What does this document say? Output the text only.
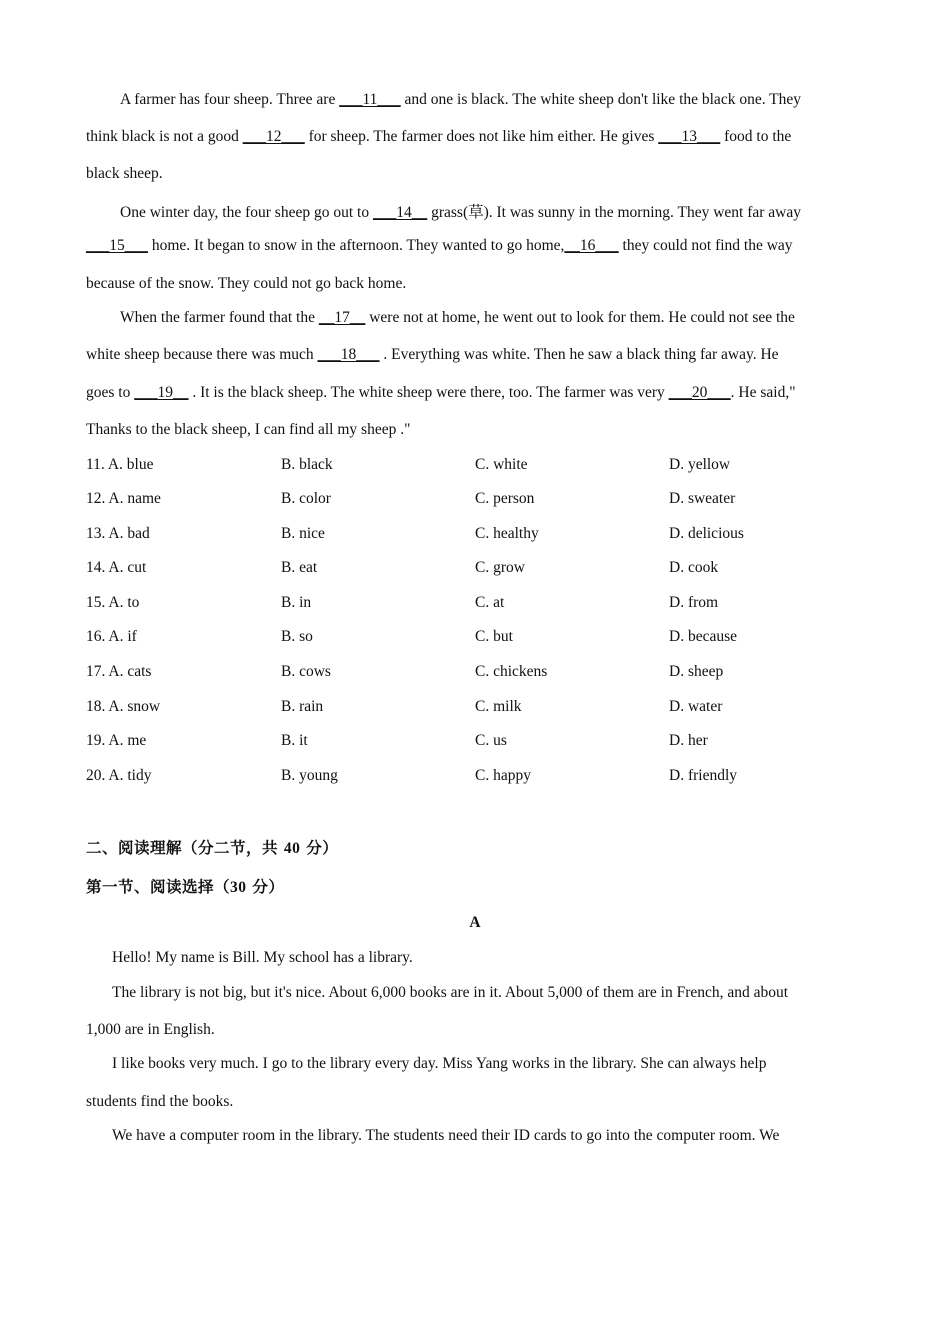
A farmer has four sheep. Three are ___11___ and one is black. The white sheep don't like the black one. They
think black is not a good ___12___ for sheep. The farmer does not like him either. He gives ___13___ food to the
black sheep.
One winter day, the four sheep go out to ___14__ grass(草). It was sunny in the morning. They went far away
___15___ home. It began to snow in the afternoon. They wanted to go home,__16___ they could not find the way
because of the snow. They could not go back home.
When the farmer found that the __17__ were not at home, he went out to look for them. He could not see the
white sheep because there was much ___18___ . Everything was white. Then he saw a black thing far away. He
goes to ___19__ . It is the black sheep. The white sheep were there, too. The farmer was very ___20___. He said,"
Thanks to the black sheep, I can find all my sheep ."
11. A. blue	B. black	C. white	D. yellow
12. A. name	B. color	C. person	D. sweater
13. A. bad	B. nice	C. healthy	D. delicious
14. A. cut	B. eat	C. grow	D. cook
15. A. to	B. in	C. at	D. from
16. A. if	B. so	C. but	D. because
17. A. cats	B. cows	C. chickens	D. sheep
18. A. snow	B. rain	C. milk	D. water
19. A. me	B. it	C. us	D. her
20. A. tidy	B. young	C. happy	D. friendly
二、阅读理解（分二节，共 40 分）
第一节、阅读选择（30 分）
A
Hello! My name is Bill. My school has a library.
The library is not big, but it's nice. About 6,000 books are in it. About 5,000 of them are in French, and about
1,000 are in English.
I like books very much. I go to the library every day. Miss Yang works in the library. She can always help
students find the books.
We have a computer room in the library. The students need their ID cards to go into the computer room. We
